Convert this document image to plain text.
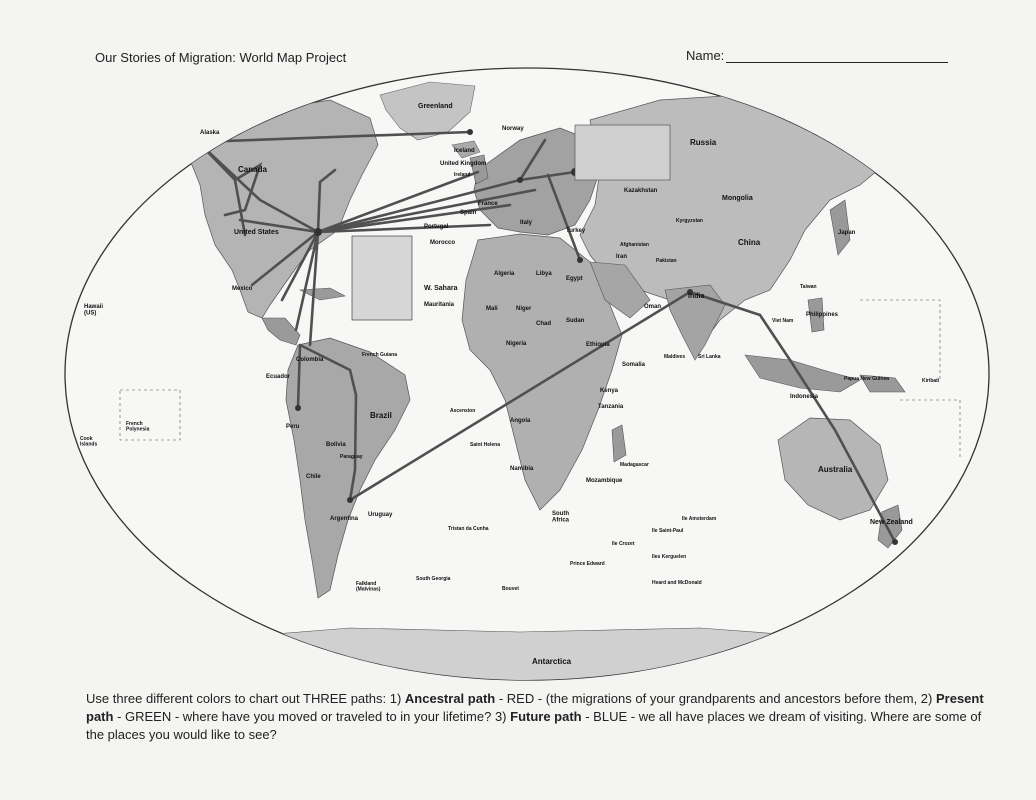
Our Stories of Migration: World Map Project	Name:
Greenland
Iceland
Norway
Russia
Alaska
Canada
United States
Mexico
Colombia
Ecuador
Peru
Brazil
Bolivia
Chile
Argentina
Uruguay
United Kingdom
France
Spain
Portugal
Italy
Turkey
Morocco
W. Sahara
Mauritania
Algeria	Libya
Egypt
Mali	Niger
Chad	Sudan
Nigeria	Ethiopia
Somalia
Kenya
Tanzania
Angola
Namibia
Mozambique
South Africa
Kazakhstan
Mongolia
China
Japan
India
Iran
Oman
Philippines
Indonesia
Australia
New Zealand
Antarctica
Papua New Guinea
Madagascar
Kiribati
Falkland (Malvinas)
South Georgia
Bouvet
Prince Edward
Ile Crozet
Iles Kerguelen
Heard and McDonald
Ile Amsterdam
Ile Saint-Paul
Tristan da Cunha
Saint Helena
Ascension
Maldives	Sri Lanka
Viet Nam
Taiwan
Kyrgyzstan
Afghanistan
Pakistan
Paraguay
French Guiana
Ireland
Hawaii (US)
French Polynesia
Cook Islands
Use three different colors to chart out THREE paths: 1) Ancestral path - RED - (the migrations of your grandparents and ancestors before them, 2) Present path - GREEN - where have you moved or traveled to in your lifetime? 3) Future path - BLUE - we all have places we dream of visiting. Where are some of the places you would like to see?
